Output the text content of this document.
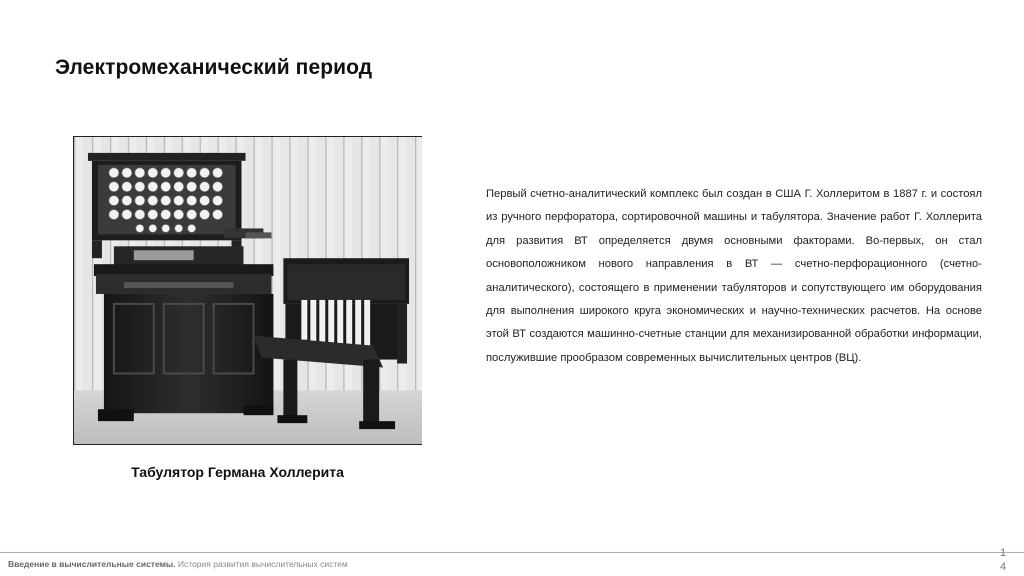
Электромеханический период
Табулятор Германа Холлерита
Первый счетно-аналитический комплекс был создан в США Г. Холлеритом в 1887 г. и состоял из ручного перфоратора, сортировочной машины и табулятора. Значение работ Г. Холлерита для развития ВТ определяется двумя основными факторами. Во-первых, он стал основоположником нового направления в ВТ — счетно-перфорационного (счетно-аналитического), состоящего в применении табуляторов и сопутствующего им оборудования для выполнения широкого круга экономических и научно-технических расчетов. На основе этой ВТ создаются машинно-счетные станции для механизированной обработки информации, послужившие прообразом современных вычислительных центров (ВЦ).
Введение в вычислительные системы. История развития вычислительных систем
14
